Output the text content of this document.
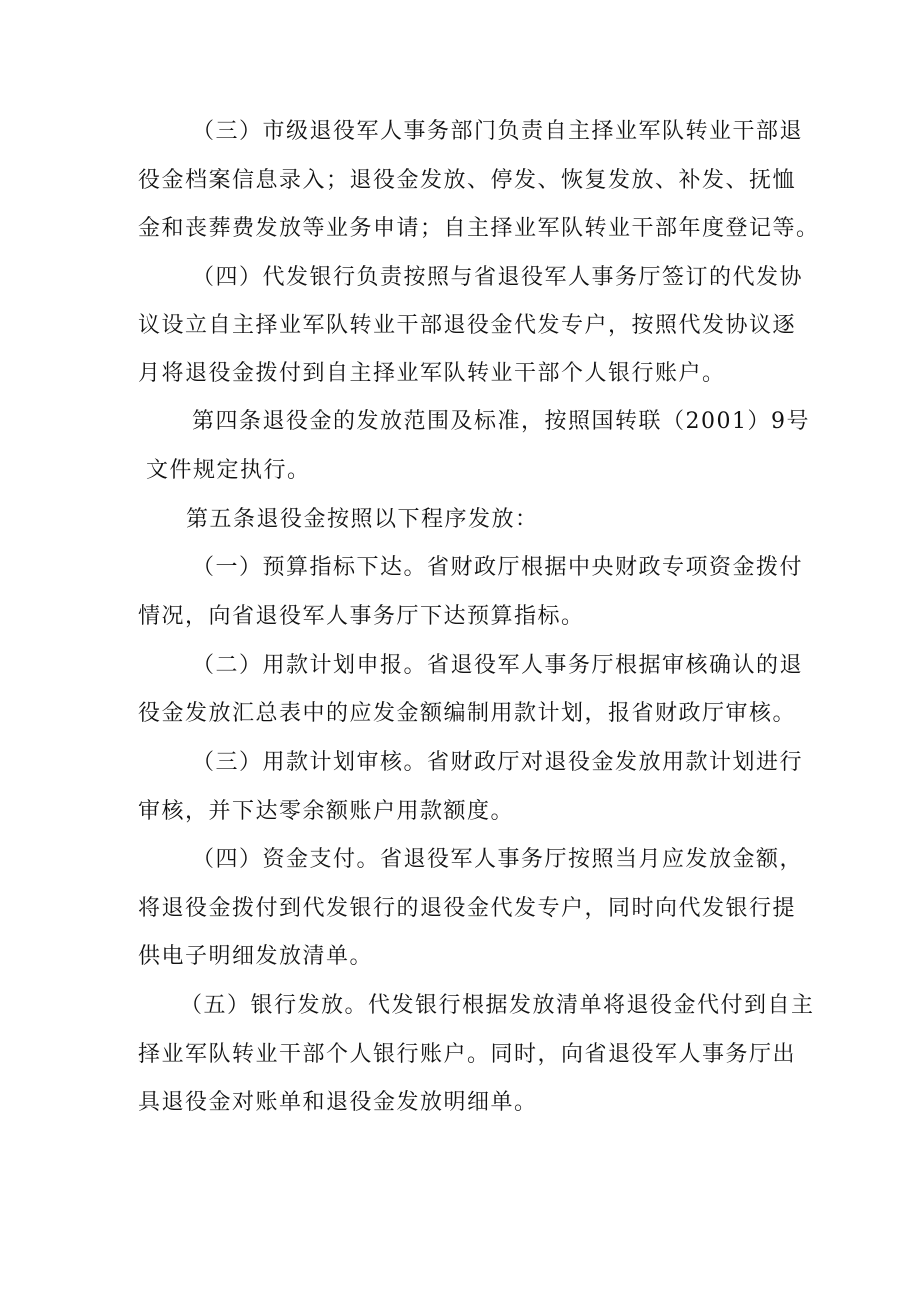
（三）市级退役军人事务部门负责自主择业军队转业干部退
役金档案信息录入；退役金发放、停发、恢复发放、补发、抚恤
金和丧葬费发放等业务申请；自主择业军队转业干部年度登记等。
（四）代发银行负责按照与省退役军人事务厅签订的代发协
议设立自主择业军队转业干部退役金代发专户，按照代发协议逐
月将退役金拨付到自主择业军队转业干部个人银行账户。
第四条退役金的发放范围及标准，按照国转联（2001）9号
文件规定执行。
第五条退役金按照以下程序发放：
（一）预算指标下达。省财政厅根据中央财政专项资金拨付
情况，向省退役军人事务厅下达预算指标。
（二）用款计划申报。省退役军人事务厅根据审核确认的退
役金发放汇总表中的应发金额编制用款计划，报省财政厅审核。
（三）用款计划审核。省财政厅对退役金发放用款计划进行
审核，并下达零余额账户用款额度。
（四）资金支付。省退役军人事务厅按照当月应发放金额，
将退役金拨付到代发银行的退役金代发专户，同时向代发银行提
供电子明细发放清单。
（五）银行发放。代发银行根据发放清单将退役金代付到自主
择业军队转业干部个人银行账户。同时，向省退役军人事务厅出
具退役金对账单和退役金发放明细单。
